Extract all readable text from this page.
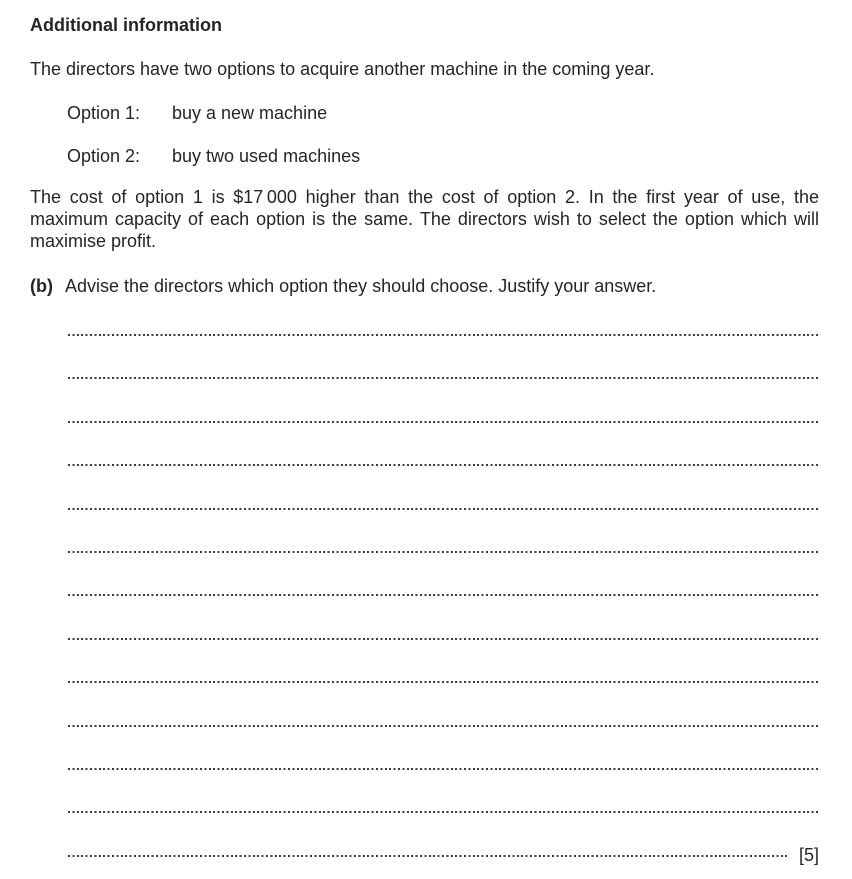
Additional information

The directors have two options to acquire another machine in the coming year.

Option 1:	buy a new machine
Option 2:	buy two used machines

The cost of option 1 is $17 000 higher than the cost of option 2. In the first year of use, the maximum capacity of each option is the same. The directors wish to select the option which will maximise profit.

(b) Advise the directors which option they should choose. Justify your answer.
[5]
